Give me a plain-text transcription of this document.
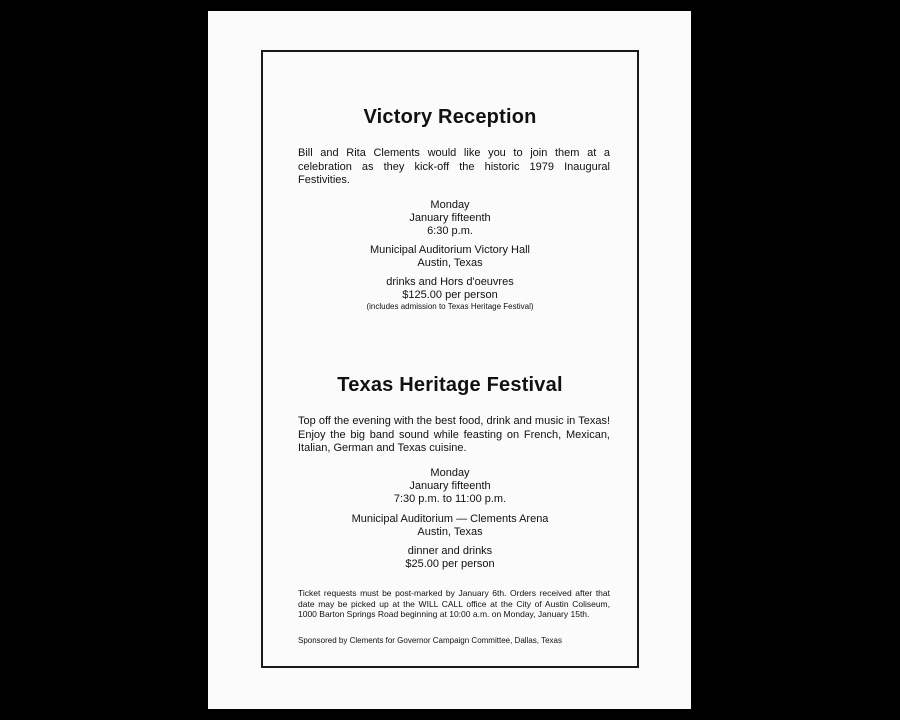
Victory Reception
Bill and Rita Clements would like you to join them at a celebration as they kick-off the historic 1979 Inaugural Festivities.
Monday
January fifteenth
6:30 p.m.
Municipal Auditorium Victory Hall
Austin, Texas
drinks and Hors d'oeuvres
$125.00 per person
(includes admission to Texas Heritage Festival)
Texas Heritage Festival
Top off the evening with the best food, drink and music in Texas! Enjoy the big band sound while feasting on French, Mexican, Italian, German and Texas cuisine.
Monday
January fifteenth
7:30 p.m. to 11:00 p.m.
Municipal Auditorium — Clements Arena
Austin, Texas
dinner and drinks
$25.00 per person
Ticket requests must be post-marked by January 6th. Orders received after that date may be picked up at the WILL CALL office at the City of Austin Coliseum, 1000 Barton Springs Road beginning at 10:00 a.m. on Monday, January 15th.
Sponsored by Clements for Governor Campaign Committee, Dallas, Texas
